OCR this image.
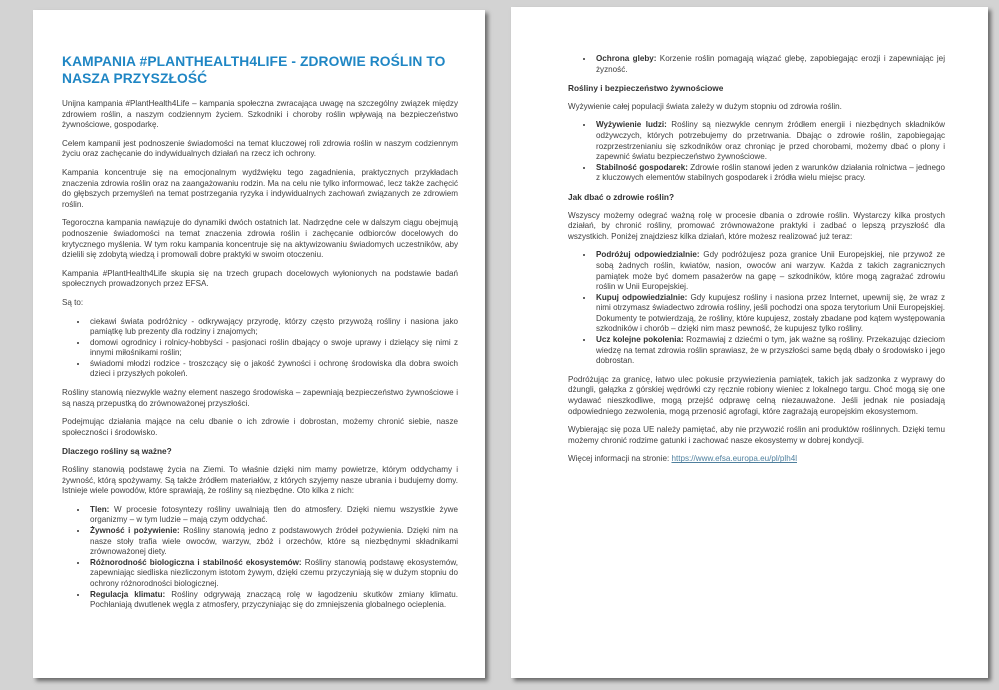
KAMPANIA #PLANTHEALTH4LIFE - ZDROWIE ROŚLIN TO NASZA PRZYSZŁOŚĆ

Unijna kampania #PlantHealth4Life – kampania społeczna zwracająca uwagę na szczególny związek między zdrowiem roślin, a naszym codziennym życiem. Szkodniki i choroby roślin wpływają na bezpieczeństwo żywnościowe, gospodarkę.

Celem kampanii jest podnoszenie świadomości na temat kluczowej roli zdrowia roślin w naszym codziennym życiu oraz zachęcanie do indywidualnych działań na rzecz ich ochrony.

Kampania koncentruje się na emocjonalnym wydźwięku tego zagadnienia, praktycznych przykładach znaczenia zdrowia roślin oraz na zaangażowaniu rodzin. Ma na celu nie tylko informować, lecz także zachęcić do głębszych przemyśleń na temat postrzegania ryzyka i indywidualnych zachowań związanych ze zdrowiem roślin.

Tegoroczna kampania nawiązuje do dynamiki dwóch ostatnich lat. Nadrzędne cele w dalszym ciągu obejmują podnoszenie świadomości na temat znaczenia zdrowia roślin i zachęcanie odbiorców docelowych do krytycznego myślenia. W tym roku kampania koncentruje się na aktywizowaniu świadomych uczestników, aby dzielili się zdobytą wiedzą i promowali dobre praktyki w swoim otoczeniu.

Kampania #PlantHealth4Life skupia się na trzech grupach docelowych wyłonionych na podstawie badań społecznych prowadzonych przez EFSA.

Są to:

• ciekawi świata podróżnicy - odkrywający przyrodę, którzy często przywożą rośliny i nasiona jako pamiątkę lub prezenty dla rodziny i znajomych;
• domowi ogrodnicy i rolnicy-hobbyści - pasjonaci roślin dbający o swoje uprawy i dzielący się nimi z innymi miłośnikami roślin;
• świadomi młodzi rodzice - troszczący się o jakość żywności i ochronę środowiska dla dobra swoich dzieci i przyszłych pokoleń.

Rośliny stanowią niezwykle ważny element naszego środowiska – zapewniają bezpieczeństwo żywnościowe i są naszą przepustką do zrównoważonej przyszłości.

Podejmując działania mające na celu dbanie o ich zdrowie i dobrostan, możemy chronić siebie, nasze społeczności i środowisko.

Dlaczego rośliny są ważne?

Rośliny stanowią podstawę życia na Ziemi. To właśnie dzięki nim mamy powietrze, którym oddychamy i żywność, którą spożywamy. Są także źródłem materiałów, z których szyjemy nasze ubrania i budujemy domy. Istnieje wiele powodów, które sprawiają, że rośliny są niezbędne. Oto kilka z nich:

• Tlen: W procesie fotosyntezy rośliny uwalniają tlen do atmosfery. Dzięki niemu wszystkie żywe organizmy – w tym ludzie – mają czym oddychać.
• Żywność i pożywienie: Rośliny stanowią jedno z podstawowych źródeł pożywienia. Dzięki nim na nasze stoły trafia wiele owoców, warzyw, zbóż i orzechów, które są niezbędnymi składnikami zrównoważonej diety.
• Różnorodność biologiczna i stabilność ekosystemów: Rośliny stanowią podstawę ekosystemów, zapewniając siedliska niezliczonym istotom żywym, dzięki czemu przyczyniają się w dużym stopniu do ochrony różnorodności biologicznej.
• Regulacja klimatu: Rośliny odgrywają znaczącą rolę w łagodzeniu skutków zmiany klimatu. Pochłaniają dwutlenek węgla z atmosfery, przyczyniając się do zmniejszenia globalnego ocieplenia.
• Ochrona gleby: Korzenie roślin pomagają wiązać glebę, zapobiegając erozji i zapewniając jej żyzność.
Rośliny i bezpieczeństwo żywnościowe

Wyżywienie całej populacji świata zależy w dużym stopniu od zdrowia roślin.

• Wyżywienie ludzi: Rośliny są niezwykle cennym źródłem energii i niezbędnych składników odżywczych, których potrzebujemy do przetrwania. Dbając o zdrowie roślin, zapobiegając rozprzestrzenianiu się szkodników oraz chroniąc je przed chorobami, możemy dbać o plony i zapewnić światu bezpieczeństwo żywnościowe.
• Stabilność gospodarek: Zdrowie roślin stanowi jeden z warunków działania rolnictwa – jednego z kluczowych elementów stabilnych gospodarek i źródła wielu miejsc pracy.
Jak dbać o zdrowie roślin?

Wszyscy możemy odegrać ważną rolę w procesie dbania o zdrowie roślin. Wystarczy kilka prostych działań, by chronić rośliny, promować zrównoważone praktyki i zadbać o lepszą przyszłość dla wszystkich. Poniżej znajdziesz kilka działań, które możesz realizować już teraz:

• Podróżuj odpowiedzialnie: Gdy podróżujesz poza granice Unii Europejskiej, nie przywoź ze sobą żadnych roślin, kwiatów, nasion, owoców ani warzyw. Każda z takich zagranicznych pamiątek może być domem pasażerów na gapę – szkodników, które mogą zagrażać zdrowiu roślin w Unii Europejskiej.
• Kupuj odpowiedzialnie: Gdy kupujesz rośliny i nasiona przez Internet, upewnij się, że wraz z nimi otrzymasz świadectwo zdrowia rośliny, jeśli pochodzi ona spoza terytorium Unii Europejskiej. Dokumenty te potwierdzają, że rośliny, które kupujesz, zostały zbadane pod kątem występowania szkodników i chorób – dzięki nim masz pewność, że kupujesz tylko rośliny.
• Ucz kolejne pokolenia: Rozmawiaj z dziećmi o tym, jak ważne są rośliny. Przekazując dzieciom wiedzę na temat zdrowia roślin sprawiasz, że w przyszłości same będą dbały o środowisko i jego dobrostan.

Podróżując za granicę, łatwo ulec pokusie przywiezienia pamiątek, takich jak sadzonka z wyprawy do dżungli, gałązka z górskiej wędrówki czy ręcznie robiony wieniec z lokalnego targu. Choć mogą się one wydawać nieszkodliwe, mogą przejść odprawę celną niezauważone. Jeśli jednak nie posiadają odpowiedniego zezwolenia, mogą przenosić agrofagi, które zagrażają europejskim ekosystemom.

Wybierając się poza UE należy pamiętać, aby nie przywozić roślin ani produktów roślinnych. Dzięki temu możemy chronić rodzime gatunki i zachować nasze ekosystemy w dobrej kondycji.

Więcej informacji na stronie: https://www.efsa.europa.eu/pl/plh4l
